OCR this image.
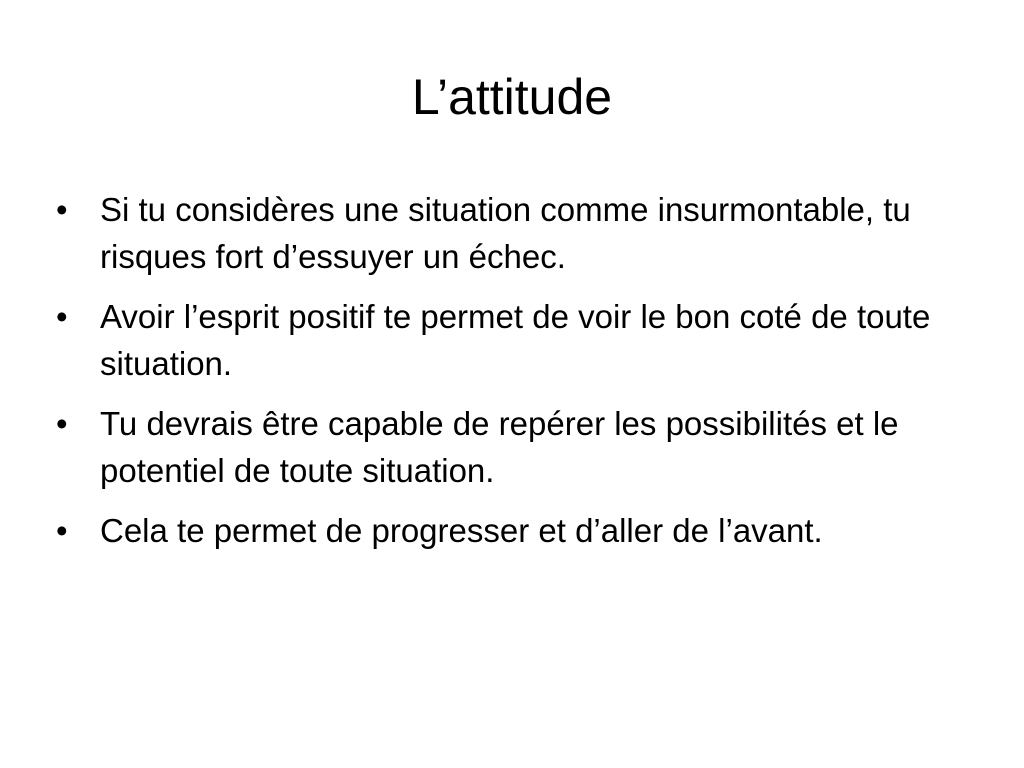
L’attitude
• Si tu considères une situation comme insurmontable, tu risques fort d’essuyer un échec.
• Avoir l’esprit positif te permet de voir le bon coté de toute situation.
• Tu devrais être capable de repérer les possibilités et le potentiel de toute situation.
• Cela te permet de progresser et d’aller de l’avant.
